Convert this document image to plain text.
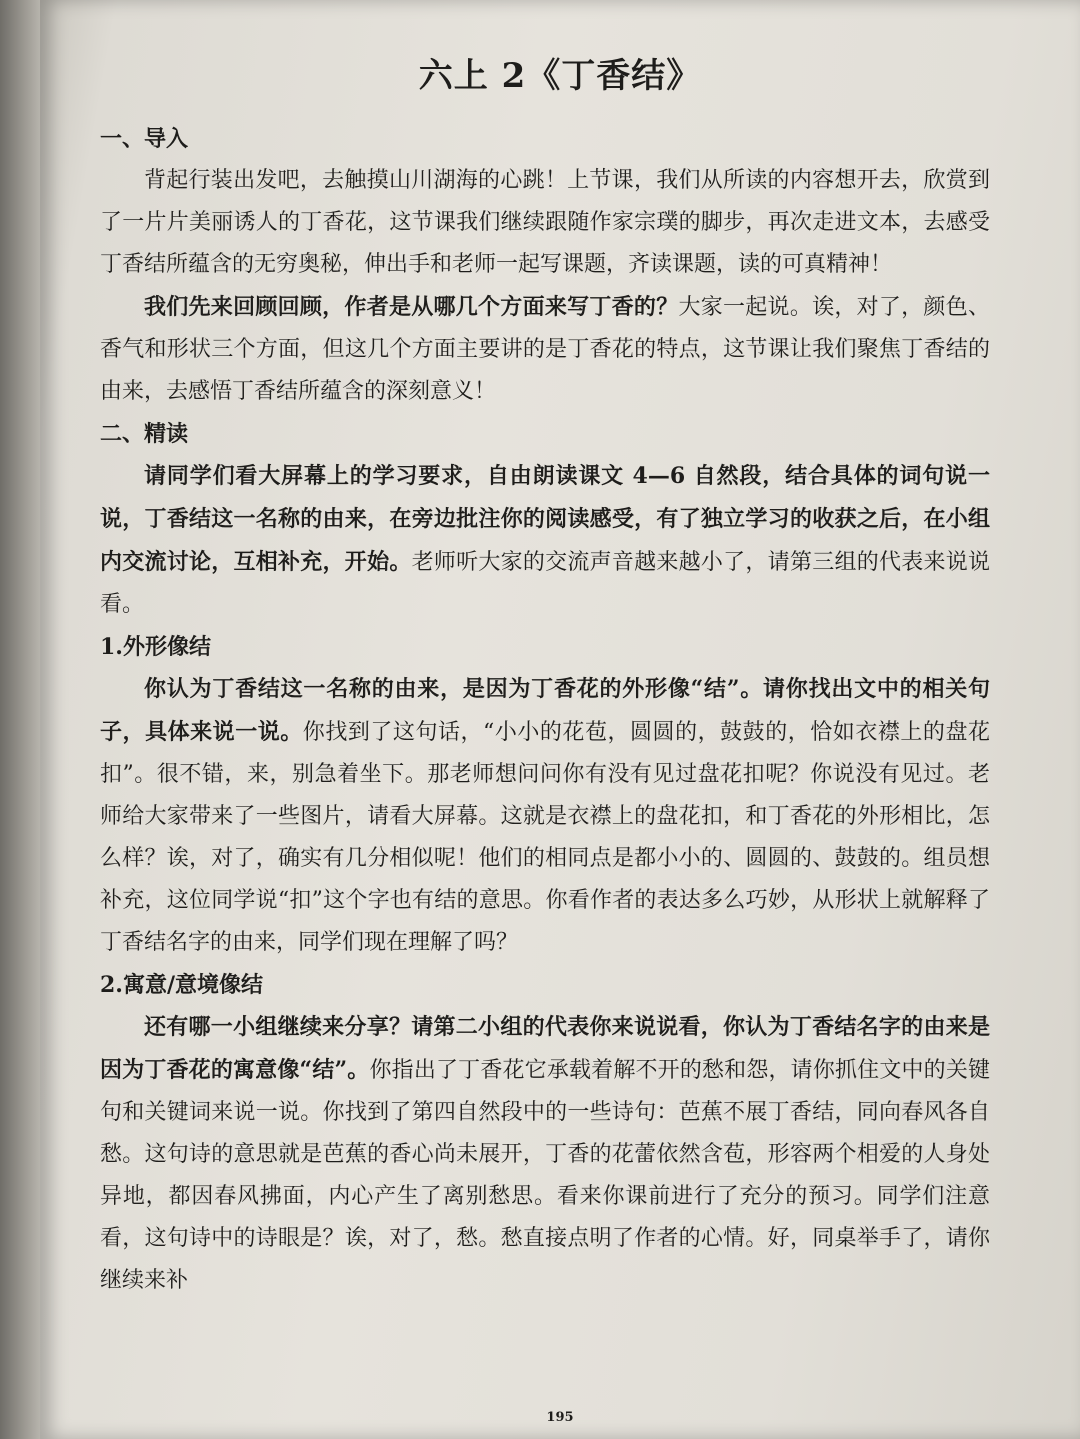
六上 2《丁香结》

一、导入

背起行装出发吧，去触摸山川湖海的心跳！上节课，我们从所读的内容想开去，欣赏到了一片片美丽诱人的丁香花，这节课我们继续跟随作家宗璞的脚步，再次走进文本，去感受丁香结所蕴含的无穷奥秘，伸出手和老师一起写课题，齐读课题，读的可真精神！

我们先来回顾回顾，作者是从哪几个方面来写丁香的？大家一起说。诶，对了，颜色、香气和形状三个方面，但这几个方面主要讲的是丁香花的特点，这节课让我们聚焦丁香结的由来，去感悟丁香结所蕴含的深刻意义！

二、精读

请同学们看大屏幕上的学习要求，自由朗读课文 4—6 自然段，结合具体的词句说一说，丁香结这一名称的由来，在旁边批注你的阅读感受，有了独立学习的收获之后，在小组内交流讨论，互相补充，开始。老师听大家的交流声音越来越小了，请第三组的代表来说说看。

1.外形像结

你认为丁香结这一名称的由来，是因为丁香花的外形像“结”。请你找出文中的相关句子，具体来说一说。你找到了这句话，“小小的花苞，圆圆的，鼓鼓的，恰如衣襟上的盘花扣”。很不错，来，别急着坐下。那老师想问问你有没有见过盘花扣呢？你说没有见过。老师给大家带来了一些图片，请看大屏幕。这就是衣襟上的盘花扣，和丁香花的外形相比，怎么样？诶，对了，确实有几分相似呢！他们的相同点是都小小的、圆圆的、鼓鼓的。组员想补充，这位同学说“扣”这个字也有结的意思。你看作者的表达多么巧妙，从形状上就解释了丁香结名字的由来，同学们现在理解了吗？

2.寓意/意境像结

还有哪一小组继续来分享？请第二小组的代表你来说说看，你认为丁香结名字的由来是因为丁香花的寓意像“结”。你指出了丁香花它承载着解不开的愁和怨，请你抓住文中的关键句和关键词来说一说。你找到了第四自然段中的一些诗句：芭蕉不展丁香结，同向春风各自愁。这句诗的意思就是芭蕉的香心尚未展开，丁香的花蕾依然含苞，形容两个相爱的人身处异地，都因春风拂面，内心产生了离别愁思。看来你课前进行了充分的预习。同学们注意看，这句诗中的诗眼是？诶，对了，愁。愁直接点明了作者的心情。好，同桌举手了，请你继续来补

195
